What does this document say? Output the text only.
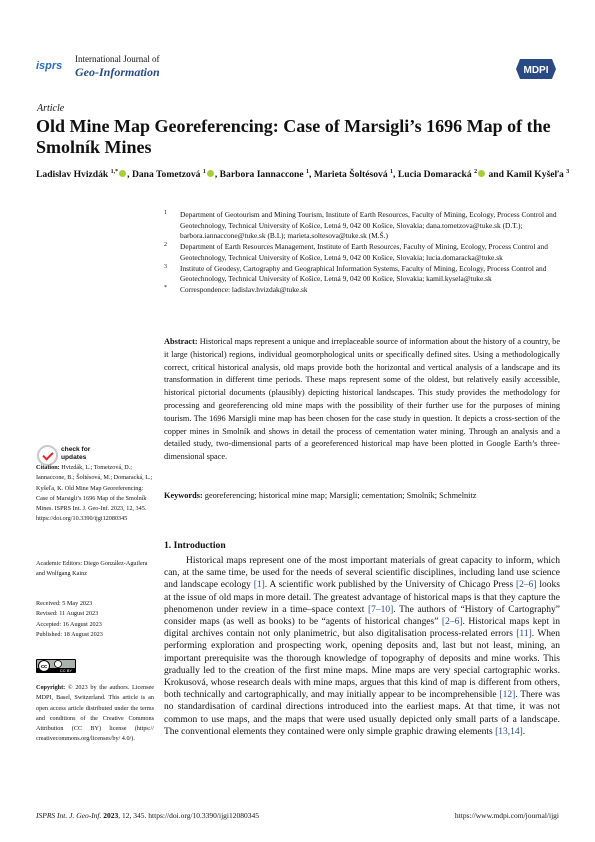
isprs
International Journal of
Geo-Information	MDPI
Article
Old Mine Map Georeferencing: Case of Marsigli’s 1696 Map of the Smolník Mines
Ladislav Hvizdák $^{1,*}$ , Dana Tometzová $^1$ , Barbora Iannaccone $^1$, Marieta Šoltésová $^1$, Lucia Domaracká $^2$ and Kamil Kyšeľa $^3$
1 Department of Geotourism and Mining Tourism, Institute of Earth Resources, Faculty of Mining, Ecology, Process Control and Geotechnology, Technical University of Košice, Letná 9, 042 00 Košice, Slovakia; dana.tometzova@tuke.sk (D.T.); barbora.iannaccone@tuke.sk (B.I.); marieta.soltesova@tuke.sk (M.Š.)
2 Department of Earth Resources Management, Institute of Earth Resources, Faculty of Mining, Ecology, Process Control and Geotechnology, Technical University of Košice, Letná 9, 042 00 Košice, Slovakia; lucia.domaracka@tuke.sk
3 Institute of Geodesy, Cartography and Geographical Information Systems, Faculty of Mining, Ecology, Process Control and Geotechnology, Technical University of Košice, Letná 9, 042 00 Košice, Slovakia; kamil.kysela@tuke.sk
* Correspondence: ladislav.hvizdak@tuke.sk
Abstract: Historical maps represent a unique and irreplaceable source of information about the history of a country, be it large (historical) regions, individual geomorphological units or specifically defined sites. Using a methodologically correct, critical historical analysis, old maps provide both the horizontal and vertical analysis of a landscape and its transformation in different time periods. These maps represent some of the oldest, but relatively easily accessible, historical pictorial documents (plausibly) depicting historical landscapes. This study provides the methodology for processing and georeferencing old mine maps with the possibility of their further use for the purposes of mining tourism. The 1696 Marsigli mine map has been chosen for the case study in question. It depicts a cross-section of the copper mines in Smolník and shows in detail the process of cementation water mining. Through an analysis and a detailed study, two-dimensional parts of a georeferenced historical map have been plotted in Google Earth’s three-dimensional space.
Keywords: georeferencing; historical mine map; Marsigli; cementation; Smolník; Schmelnitz
1. Introduction
Historical maps represent one of the most important materials of great capacity to inform, which can, at the same time, be used for the needs of several scientific disciplines, including land use science and landscape ecology [1]. A scientific work published by the University of Chicago Press [2–6] looks at the issue of old maps in more detail. The greatest advantage of historical maps is that they capture the phenomenon under review in a time–space context [7–10]. The authors of “History of Cartography” consider maps (as well as books) to be “agents of historical changes” [2–6]. Historical maps kept in digital archives contain not only planimetric, but also digitalisation process-related errors [11]. When performing exploration and prospecting work, opening deposits and, last but not least, mining, an important prerequisite was the thorough knowledge of topography of deposits and mine works. This gradually led to the creation of the first mine maps. Mine maps are very special cartographic works. Krokusová, whose research deals with mine maps, argues that this kind of map is different from others, both technically and cartographically, and may initially appear to be incomprehensible [12]. There was no standardisation of cardinal directions introduced into the earliest maps. At that time, it was not common to use maps, and the maps that were used usually depicted only small parts of a landscape. The conventional elements they contained were only simple graphic drawing elements [13,14].
check for
updates
Citation: Hvizdák, L.; Tometzová, D.; Iannaccone, B.; Šoltésová, M.; Domaracká, L.; Kyšeľa, K. Old Mine Map Georeferencing: Case of Marsigli’s 1696 Map of the Smolník Mines. ISPRS Int. J. Geo-Inf. 2023, 12, 345. https://doi.org/10.3390/ijgi12080345
Academic Editors: Diego González-Aguilera and Wolfgang Kainz
Received: 5 May 2023
Revised: 11 August 2023
Accepted: 16 August 2023
Published: 18 August 2023
cc
CC BY
Copyright: © 2023 by the authors. Licensee MDPI, Basel, Switzerland. This article is an open access article distributed under the terms and conditions of the Creative Commons Attribution (CC BY) license (https:// creativecommons.org/licenses/by/ 4.0/).
ISPRS Int. J. Geo-Inf. 2023, 12, 345. https://doi.org/10.3390/ijgi12080345	https://www.mdpi.com/journal/ijgi
